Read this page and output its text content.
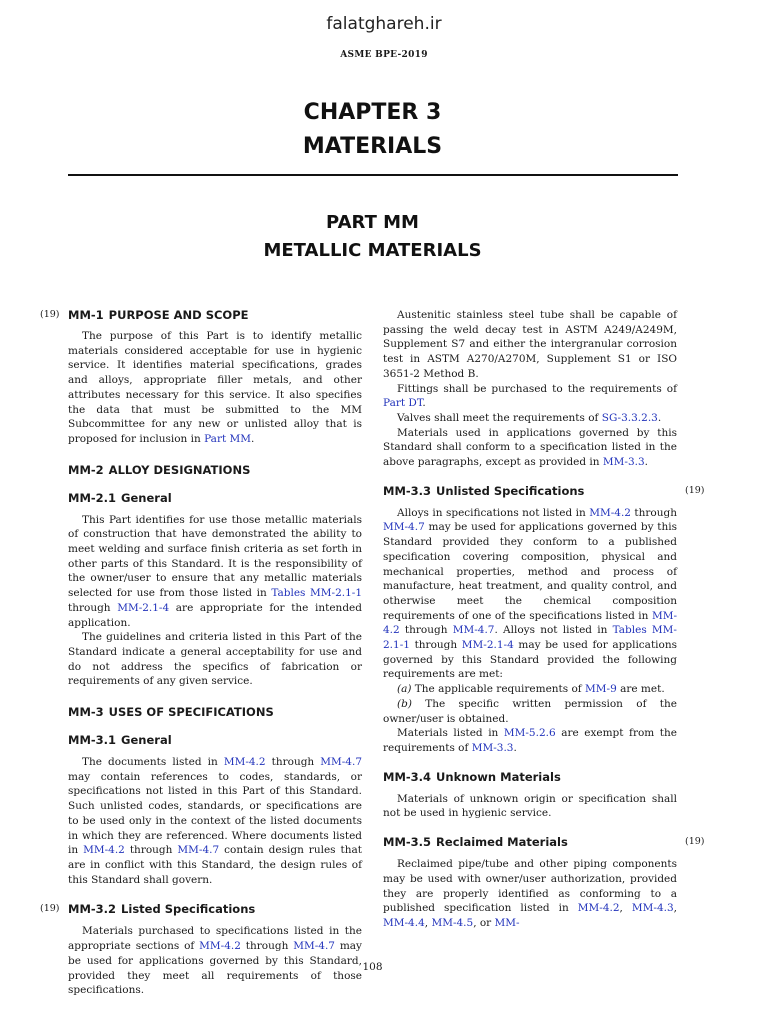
falatghareh.ir
ASME BPE-2019
CHAPTER 3
MATERIALS
PART MM
METALLIC MATERIALS
(19) MM-1 PURPOSE AND SCOPE

The purpose of this Part is to identify metallic materials considered acceptable for use in hygienic service. It identifies material specifications, grades and alloys, appropriate filler metals, and other attributes necessary for this service. It also specifies the data that must be submitted to the MM Subcommittee for any new or unlisted alloy that is proposed for inclusion in Part MM.

MM-2 ALLOY DESIGNATIONS
MM-2.1 General

This Part identifies for use those metallic materials of construction that have demonstrated the ability to meet welding and surface finish criteria as set forth in other parts of this Standard. It is the responsibility of the owner/user to ensure that any metallic materials selected for use from those listed in Tables MM-2.1-1 through MM-2.1-4 are appropriate for the intended application.

The guidelines and criteria listed in this Part of the Standard indicate a general acceptability for use and do not address the specifics of fabrication or requirements of any given service.

MM-3 USES OF SPECIFICATIONS
MM-3.1 General

The documents listed in MM-4.2 through MM-4.7 may contain references to codes, standards, or specifications not listed in this Part of this Standard. Such unlisted codes, standards, or specifications are to be used only in the context of the listed documents in which they are referenced. Where documents listed in MM-4.2 through MM-4.7 contain design rules that are in conflict with this Standard, the design rules of this Standard shall govern.

(19) MM-3.2 Listed Specifications

Materials purchased to specifications listed in the appropriate sections of MM-4.2 through MM-4.7 may be used for applications governed by this Standard, provided they meet all requirements of those specifications.

Austenitic stainless steel tube shall be capable of passing the weld decay test in ASTM A249/A249M, Supplement S7 and either the intergranular corrosion test in ASTM A270/A270M, Supplement S1 or ISO 3651-2 Method B.

Fittings shall be purchased to the requirements of Part DT.

Valves shall meet the requirements of SG-3.3.2.3.

Materials used in applications governed by this Standard shall conform to a specification listed in the above paragraphs, except as provided in MM-3.3.

(19)
MM-3.3 Unlisted Specifications

Alloys in specifications not listed in MM-4.2 through MM-4.7 may be used for applications governed by this Standard provided they conform to a published specification covering composition, physical and mechanical properties, method and process of manufacture, heat treatment, and quality control, and otherwise meet the chemical composition requirements of one of the specifications listed in MM-4.2 through MM-4.7. Alloys not listed in Tables MM-2.1-1 through MM-2.1-4 may be used for applications governed by this Standard provided the following requirements are met:

(a) The applicable requirements of MM-9 are met.

(b) The specific written permission of the owner/user is obtained.

Materials listed in MM-5.2.6 are exempt from the requirements of MM-3.3.

MM-3.4 Unknown Materials

Materials of unknown origin or specification shall not be used in hygienic service.

(19)
MM-3.5 Reclaimed Materials

Reclaimed pipe/tube and other piping components may be used with owner/user authorization, provided they are properly identified as conforming to a published specification listed in MM-4.2, MM-4.3, MM-4.4, MM-4.5, or MM-

108
